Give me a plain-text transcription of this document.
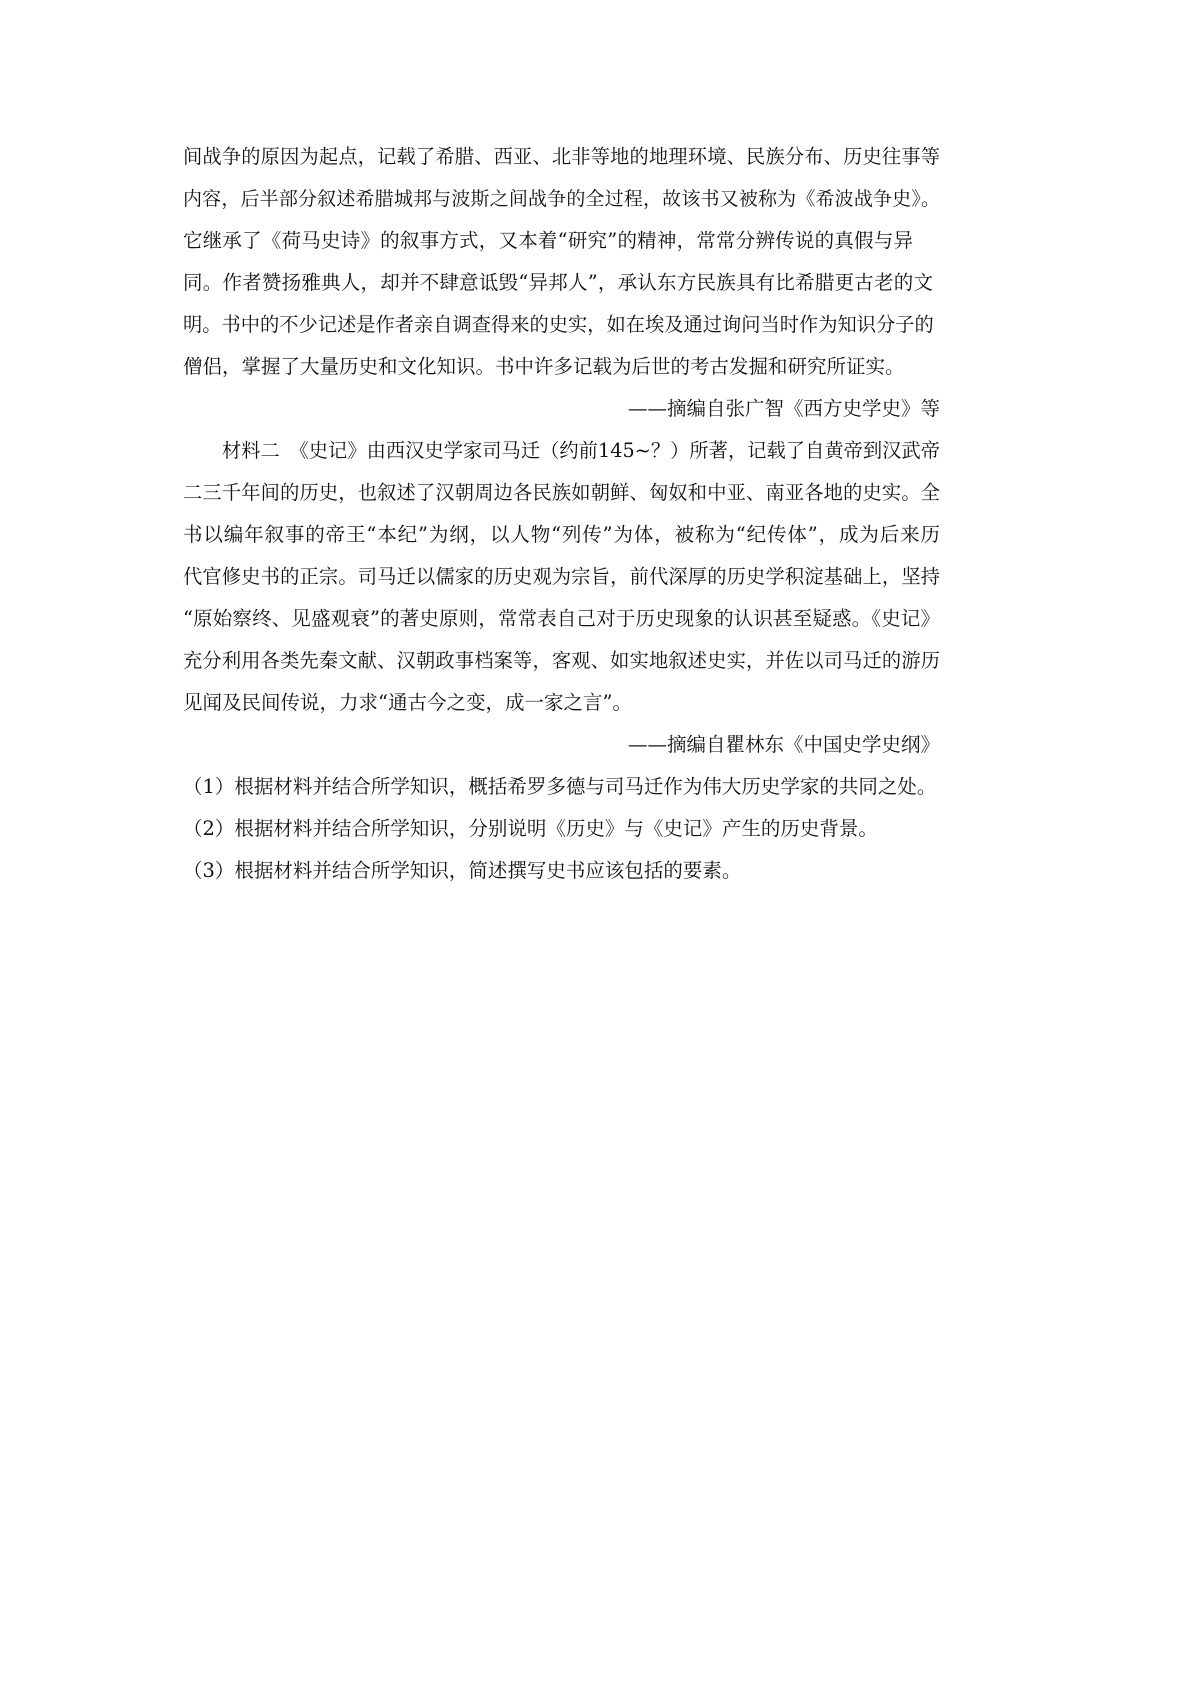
间战争的原因为起点，记载了希腊、西亚、北非等地的地理环境、民族分布、历史往事等
内容，后半部分叙述希腊城邦与波斯之间战争的全过程，故该书又被称为《希波战争史》。
它继承了《荷马史诗》的叙事方式，又本着“研究”的精神，常常分辨传说的真假与异
同。作者赞扬雅典人，却并不肆意诋毁“异邦人”，承认东方民族具有比希腊更古老的文
明。书中的不少记述是作者亲自调查得来的史实，如在埃及通过询问当时作为知识分子的
僧侣，掌握了大量历史和文化知识。书中许多记载为后世的考古发掘和研究所证实。
——摘编自张广智《西方史学史》等
材料二　《史记》由西汉史学家司马迁（约前145~？）所著，记载了自黄帝到汉武帝
二三千年间的历史，也叙述了汉朝周边各民族如朝鲜、匈奴和中亚、南亚各地的史实。全
书以编年叙事的帝王“本纪”为纲，以人物“列传”为体，被称为“纪传体”，成为后来历
代官修史书的正宗。司马迁以儒家的历史观为宗旨，前代深厚的历史学积淀基础上，坚持
“原始察终、见盛观衰”的著史原则，常常表自己对于历史现象的认识甚至疑惑。《史记》
充分利用各类先秦文献、汉朝政事档案等，客观、如实地叙述史实，并佐以司马迁的游历
见闻及民间传说，力求“通古今之变，成一家之言”。
——摘编自瞿林东《中国史学史纲》
（1）根据材料并结合所学知识，概括希罗多德与司马迁作为伟大历史学家的共同之处。
（2）根据材料并结合所学知识，分别说明《历史》与《史记》产生的历史背景。
（3）根据材料并结合所学知识，简述撰写史书应该包括的要素。
